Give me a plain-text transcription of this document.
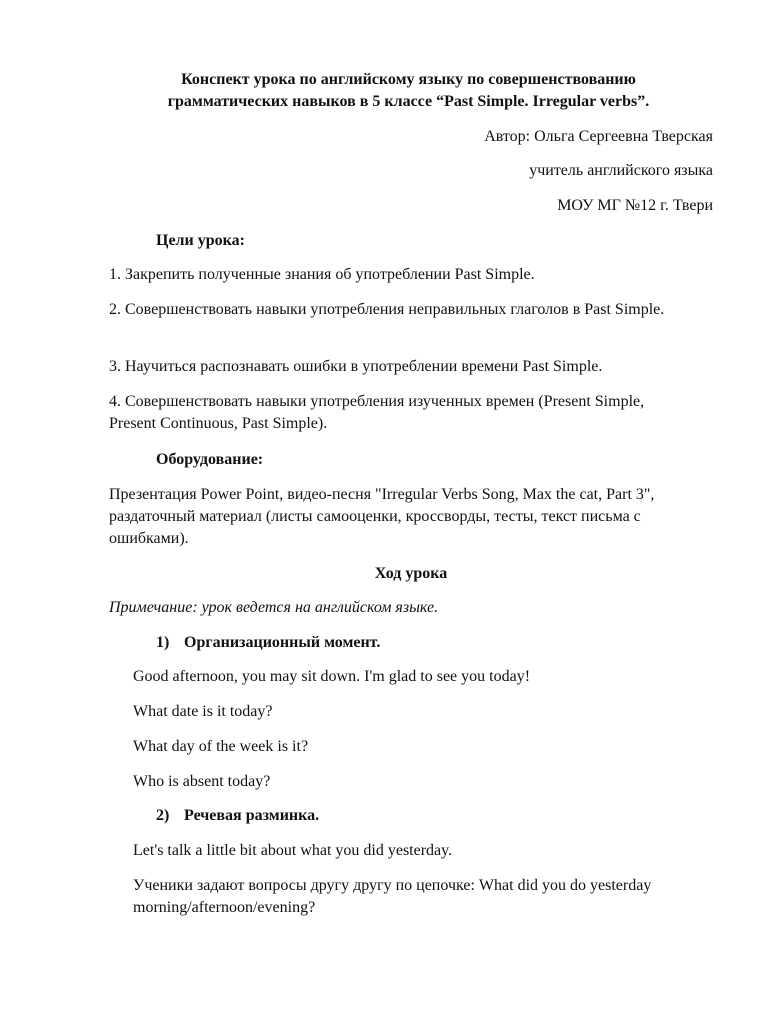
Конспект урока по английскому языку по совершенствованию
грамматических навыков в 5 классе “Past Simple. Irregular verbs”.

Автор: Ольга Сергеевна Тверская

учитель английского языка

МОУ МГ №12 г. Твери

Цели урока:

1. Закрепить полученные знания об употреблении Past Simple.

2. Совершенствовать навыки употребления неправильных глаголов в Past Simple.

3. Научиться распознавать ошибки в употреблении времени Past Simple.

4. Совершенствовать навыки употребления изученных времен (Present Simple, Present Continuous, Past Simple).

Оборудование:

Презентация Power Point, видео-песня "Irregular Verbs Song, Max the cat, Part 3", раздаточный материал (листы самооценки, кроссворды, тесты, текст письма с ошибками).

Ход урока

Примечание: урок ведется на английском языке.

1) Организационный момент.

Good afternoon, you may sit down. I'm glad to see you today!

What date is it today?

What day of the week is it?

Who is absent today?

2) Речевая разминка.

Let's talk a little bit about what you did yesterday.

Ученики задают вопросы другу другу по цепочке: What did you do yesterday morning/afternoon/evening?
